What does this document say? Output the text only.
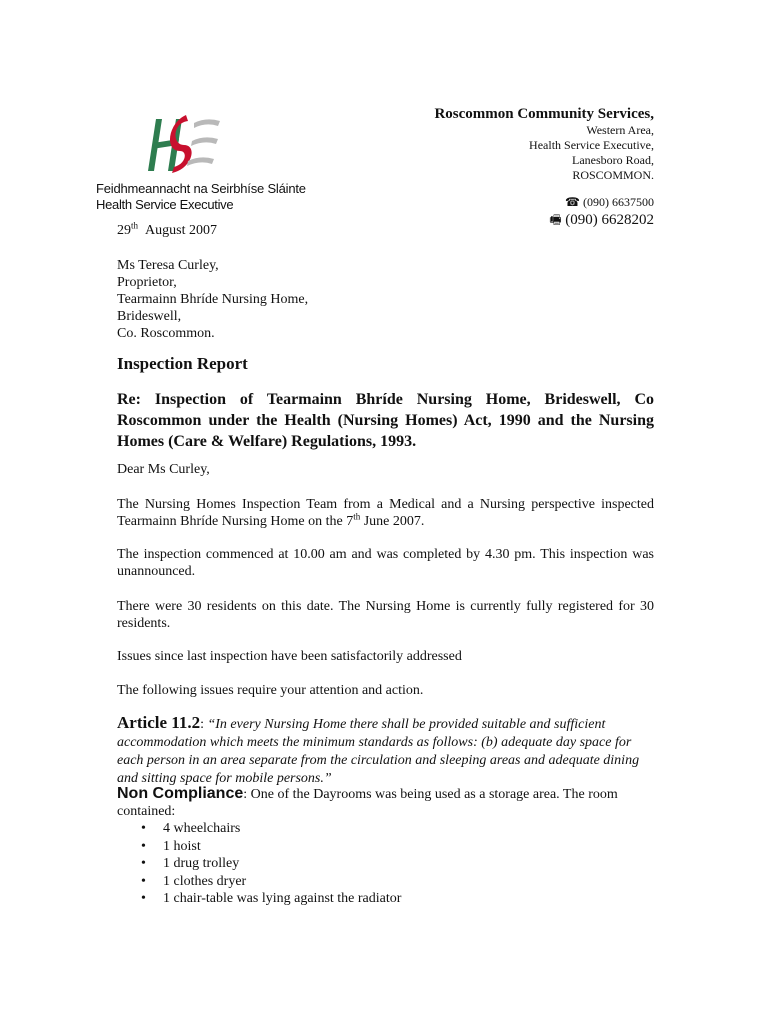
Feidhmeannacht na Seirbhíse Sláinte
Health Service Executive
Roscommon Community Services,
Western Area,
Health Service Executive,
Lanesboro Road,
ROSCOMMON.
☎ (090) 6637500
🖷 (090) 6628202
29th August 2007
Ms Teresa Curley,
Proprietor,
Tearmainn Bhríde Nursing Home,
Brideswell,
Co. Roscommon.
Inspection Report
Re: Inspection of Tearmainn Bhríde Nursing Home, Brideswell, Co Roscommon under the Health (Nursing Homes) Act, 1990 and the Nursing Homes (Care & Welfare) Regulations, 1993.
Dear Ms Curley,
The Nursing Homes Inspection Team from a Medical and a Nursing perspective inspected Tearmainn Bhríde Nursing Home on the 7th June 2007.
The inspection commenced at 10.00 am and was completed by 4.30 pm. This inspection was unannounced.
There were 30 residents on this date. The Nursing Home is currently fully registered for 30 residents.
Issues since last inspection have been satisfactorily addressed
The following issues require your attention and action.
Article 11.2: “In every Nursing Home there shall be provided suitable and sufficient accommodation which meets the minimum standards as follows: (b) adequate day space for each person in an area separate from the circulation and sleeping areas and adequate dining and sitting space for mobile persons.”
Non Compliance: One of the Dayrooms was being used as a storage area. The room contained:
• 4 wheelchairs
• 1 hoist
• 1 drug trolley
• 1 clothes dryer
• 1 chair-table was lying against the radiator
